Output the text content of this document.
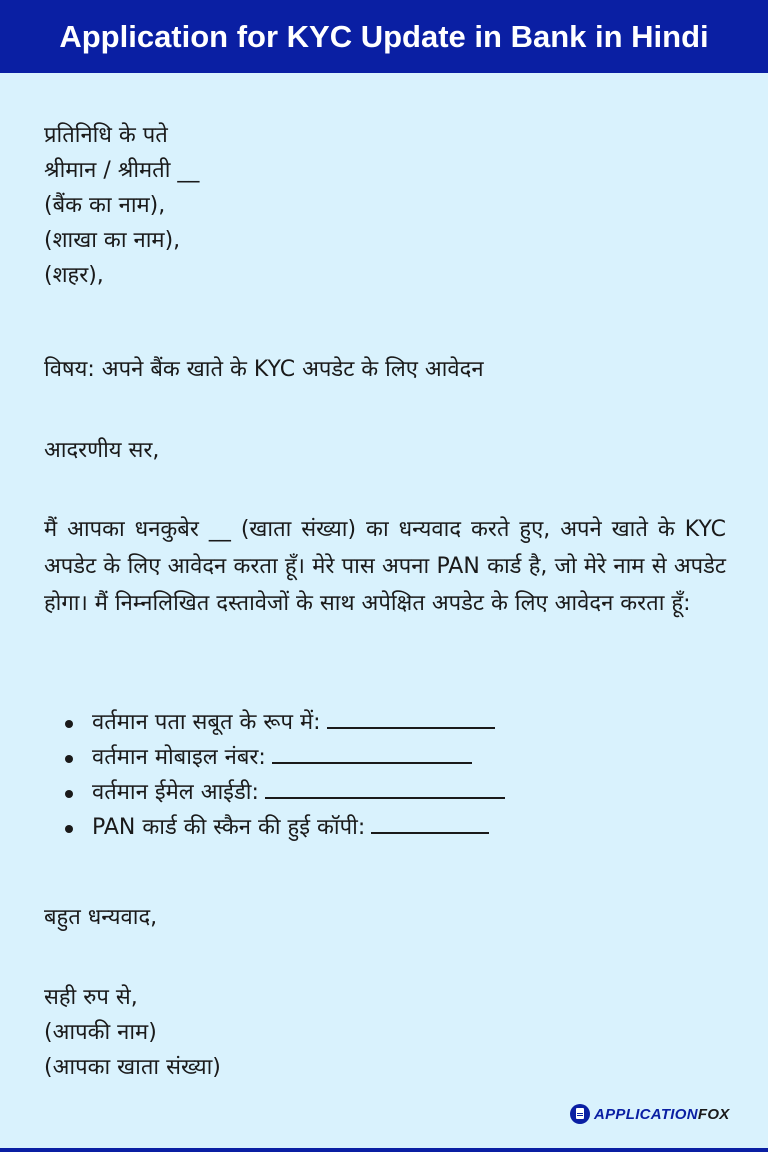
Application for KYC Update in Bank in Hindi
प्रतिनिधि के पते
श्रीमान / श्रीमती __
(बैंक का नाम),
(शाखा का नाम),
(शहर),
विषय: अपने बैंक खाते के KYC अपडेट के लिए आवेदन
आदरणीय सर,
मैं आपका धनकुबेर __ (खाता संख्या) का धन्यवाद करते हुए, अपने खाते के KYC अपडेट के लिए आवेदन करता हूँ। मेरे पास अपना PAN कार्ड है, जो मेरे नाम से अपडेट होगा। मैं निम्नलिखित दस्तावेजों के साथ अपेक्षित अपडेट के लिए आवेदन करता हूँ:
वर्तमान पता सबूत के रूप में:
वर्तमान मोबाइल नंबर:
वर्तमान ईमेल आईडी:
PAN कार्ड की स्कैन की हुई कॉपी:
बहुत धन्यवाद,
सही रुप से,
(आपकी नाम)
(आपका खाता संख्या)
APPLICATIONFOX
